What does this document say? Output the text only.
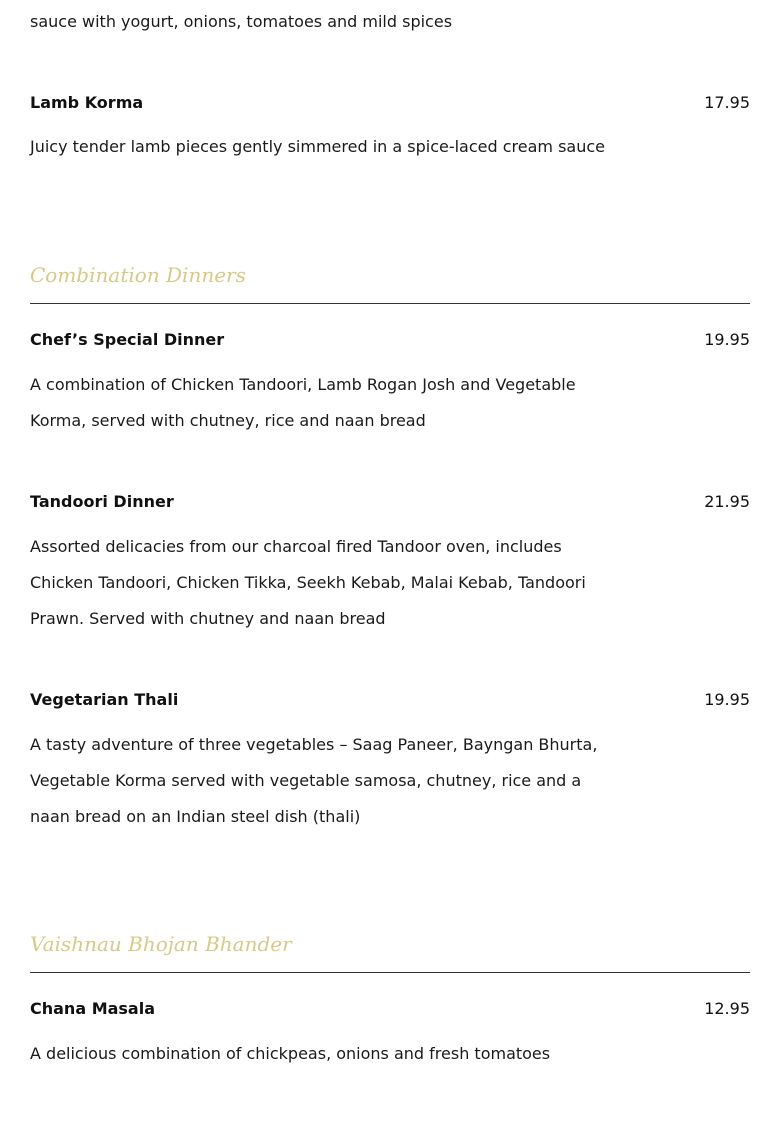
sauce with yogurt, onions, tomatoes and mild spices
Lamb Korma	17.95
Juicy tender lamb pieces gently simmered in a spice-laced cream sauce
Combination Dinners
Chef’s Special Dinner	19.95
A combination of Chicken Tandoori, Lamb Rogan Josh and Vegetable Korma, served with chutney, rice and naan bread
Tandoori Dinner	21.95
Assorted delicacies from our charcoal fired Tandoor oven, includes Chicken Tandoori, Chicken Tikka, Seekh Kebab, Malai Kebab, Tandoori Prawn. Served with chutney and naan bread
Vegetarian Thali	19.95
A tasty adventure of three vegetables – Saag Paneer, Bayngan Bhurta, Vegetable Korma served with vegetable samosa, chutney, rice and a naan bread on an Indian steel dish (thali)
Vaishnau Bhojan Bhander
Chana Masala	12.95
A delicious combination of chickpeas, onions and fresh tomatoes
